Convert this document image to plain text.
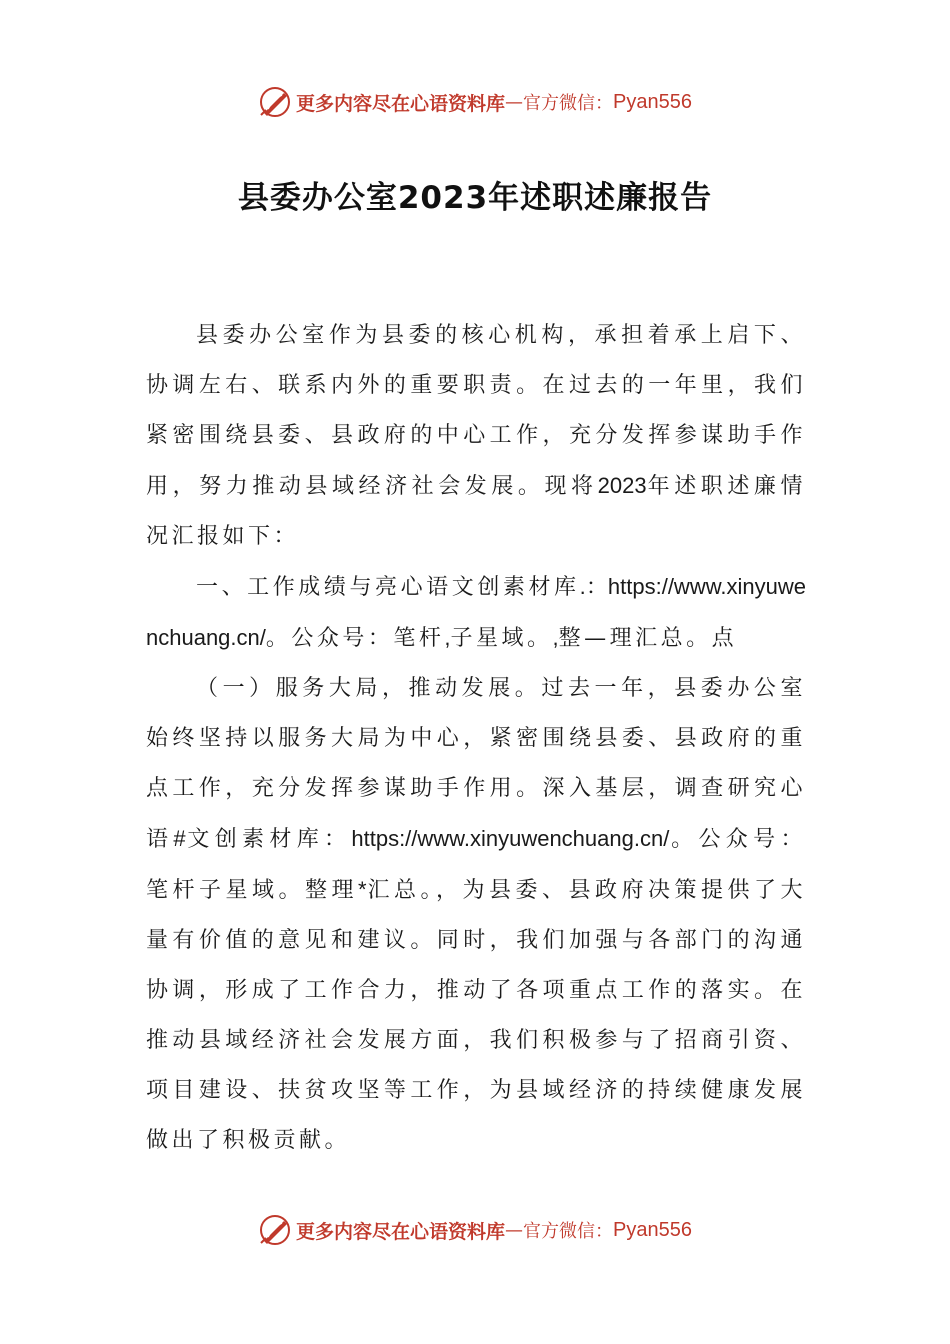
更多内容尽在心语资料库 — 官方微信： Pyan556
县委办公室2023年述职述廉报告

县委办公室作为县委的核心机构，承担着承上启下、协调左右、联系内外的重要职责。在过去的一年里，我们紧密围绕县委、县政府的中心工作，充分发挥参谋助手作用，努力推动县域经济社会发展。现将2023年述职述廉情况汇报如下：

一、工作成绩与亮心语文创素材库.：https://www.xinyuwenchuang.cn/。公众号：笔杆,子星域。,整—理汇总。点

（一）服务大局，推动发展。过去一年，县委办公室始终坚持以服务大局为中心，紧密围绕县委、县政府的重点工作，充分发挥参谋助手作用。深入基层，调查研究心语#文创素材库：https://www.xinyuwenchuang.cn/。公众号：笔杆子星域。整理*汇总。，为县委、县政府决策提供了大量有价值的意见和建议。同时，我们加强与各部门的沟通协调，形成了工作合力，推动了各项重点工作的落实。在推动县域经济社会发展方面，我们积极参与了招商引资、项目建设、扶贫攻坚等工作，为县域经济的持续健康发展做出了积极贡献。

更多内容尽在心语资料库 — 官方微信： Pyan556
